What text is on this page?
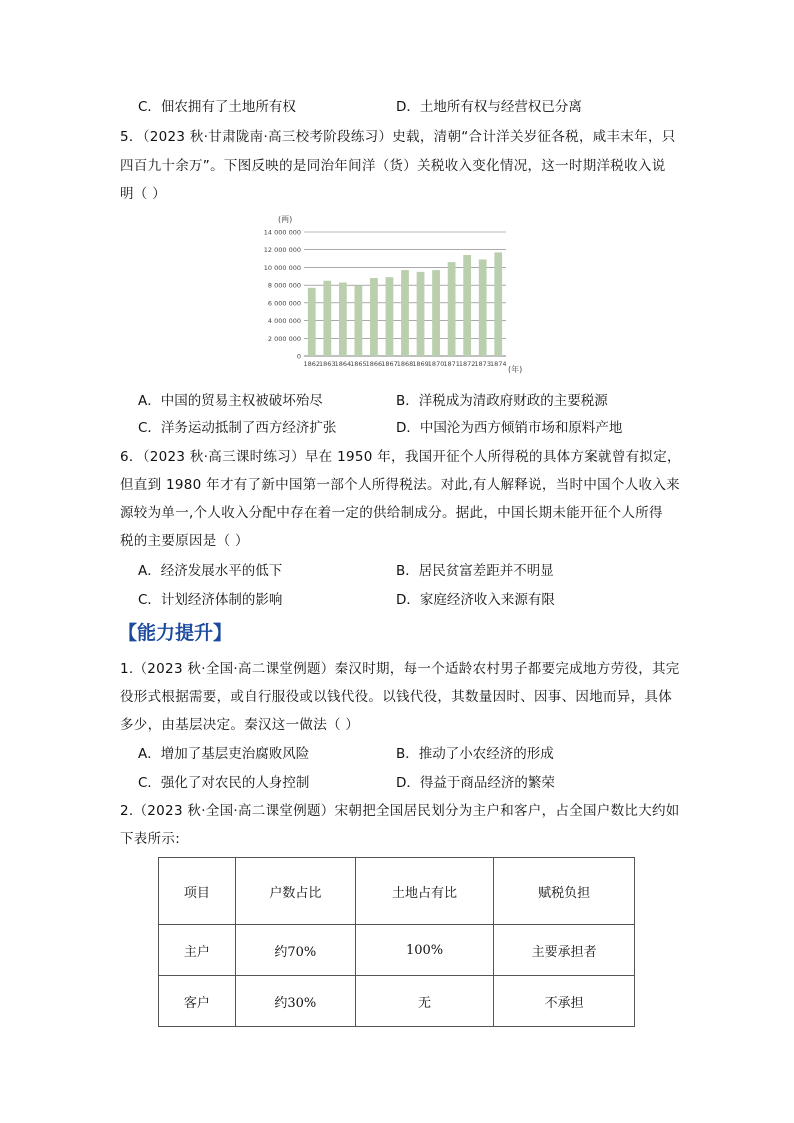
C．佃农拥有了土地所有权	D．土地所有权与经营权已分离
5．（2023 秋·甘肃陇南·高三校考阶段练习）史载，清朝“合计洋关岁征各税，咸丰末年，只
四百九十余万”。下图反映的是同治年间洋（货）关税收入变化情况，这一时期洋税收入说
明（ ）
(两)
(年)
0
2 000 000
4 000 000
6 000 000
8 000 000
10 000 000
12 000 000
14 000 000
1862
1863
1864
1865
1866
1867
1868
1869
1870
1871
1872
1873
1874
A．中国的贸易主权被破坏殆尽	B．洋税成为清政府财政的主要税源
C．洋务运动抵制了西方经济扩张	D．中国沦为西方倾销市场和原料产地
6．（2023 秋·高三课时练习）早在 1950 年，我国开征个人所得税的具体方案就曾有拟定，
但直到 1980 年才有了新中国第一部个人所得税法。对此,有人解释说，当时中国个人收入来
源较为单一,个人收入分配中存在着一定的供给制成分。据此，中国长期未能开征个人所得
税的主要原因是（ ）
A．经济发展水平的低下	B．居民贫富差距并不明显
C．计划经济体制的影响	D．家庭经济收入来源有限
【能力提升】
1.（2023 秋·全国·高二课堂例题）秦汉时期，每一个适龄农村男子都要完成地方劳役，其完
役形式根据需要，或自行服役或以钱代役。以钱代役，其数量因时、因事、因地而异，具体
多少，由基层决定。秦汉这一做法（ ）
A．增加了基层吏治腐败风险	B．推动了小农经济的形成
C．强化了对农民的人身控制	D．得益于商品经济的繁荣
2.（2023 秋·全国·高二课堂例题）宋朝把全国居民划分为主户和客户，占全国户数比大约如
下表所示:
项目	户数占比	土地占有比	赋税负担
主户	约70%	100%	主要承担者
客户	约30%	无	不承担
